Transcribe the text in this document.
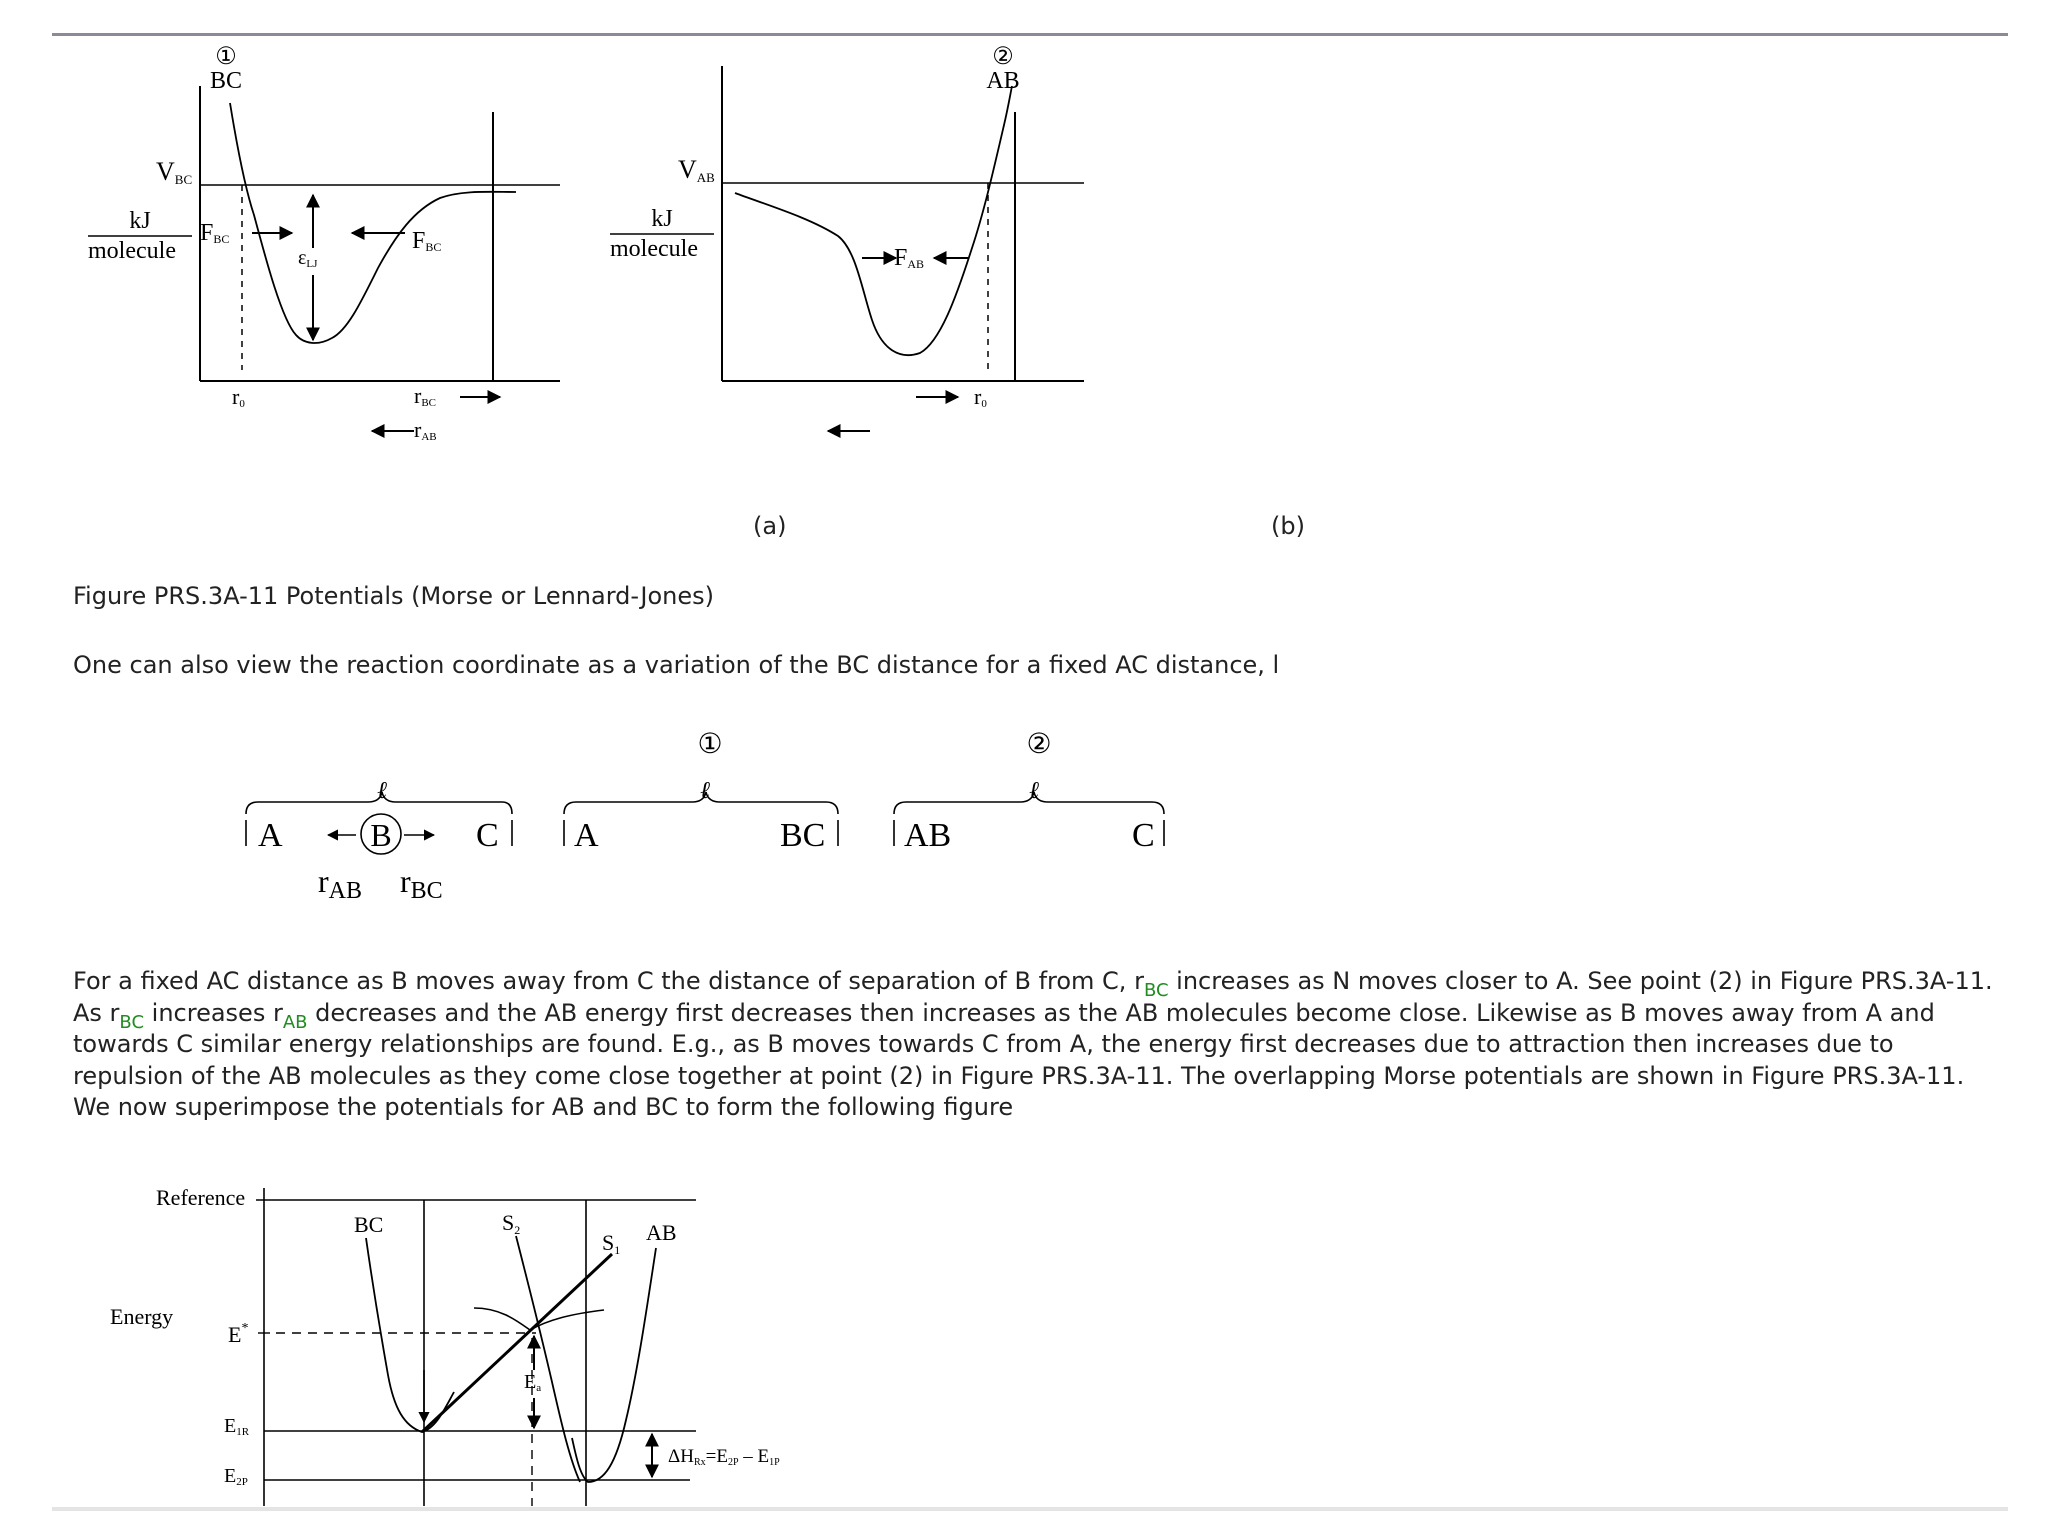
①
BC
VBC
kJ
molecule
FBC	FBC
εLJ
r0	rBC
rAB
②
AB
VAB
kJ
molecule	FAB
r0
(a)	(b)
Figure PRS.3A-11 Potentials (Morse or Lennard-Jones)
One can also view the reaction coordinate as a variation of the BC distance for a fixed AC distance, l
ℓ
A	B C
rAB rBC
①
ℓ
A	BC
②
ℓ
AB	C
For a fixed AC distance as B moves away from C the distance of separation of B from C, $r_{BC}$ increases as N moves closer to A. See point (2) in Figure PRS.3A-11. As $r_{BC}$ increases $r_{AB}$ decreases and the AB energy first decreases then increases as the AB molecules become close. Likewise as B moves away from A and towards C similar energy relationships are found. E.g., as B moves towards C from A, the energy first decreases due to attraction then increases due to repulsion of the AB molecules as they come close together at point (2) in Figure PRS.3A-11. The overlapping Morse potentials are shown in Figure PRS.3A-11. We now superimpose the potentials for AB and BC to form the following figure
Reference
Energy
BC	AB
S2	S1
E*
E1R
E2P
Ea
ΔHRx=E2P – E1P
